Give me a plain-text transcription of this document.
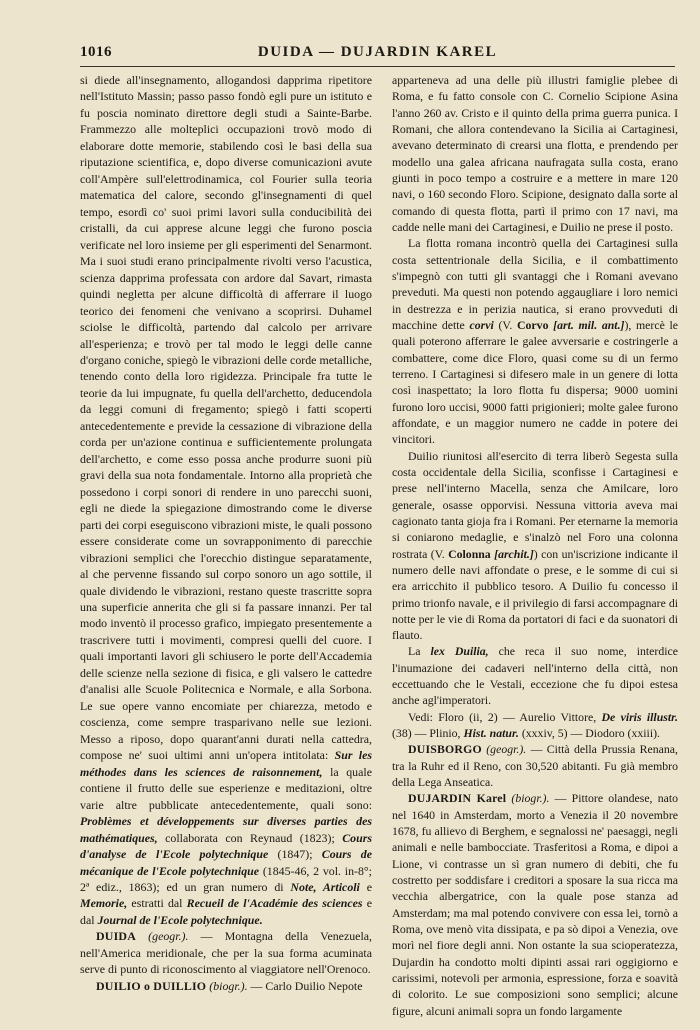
1016	DUIDA — DUJARDIN KAREL

si diede all'insegnamento, allogandosi dapprima ripetitore nell'Istituto Massin; passo passo fondò egli pure un istituto e fu poscia nominato direttore degli studi a Sainte-Barbe. Frammezzo alle molteplici occupazioni trovò modo di elaborare dotte memorie, stabilendo così le basi della sua riputazione scientifica, e, dopo diverse comunicazioni avute coll'Ampère sull'elettrodinamica, col Fourier sulla teoria matematica del calore, secondo gl'insegnamenti di quel tempo, esordì co' suoi primi lavori sulla conducibilità dei cristalli, da cui apprese alcune leggi che furono poscia verificate nel loro insieme per gli esperimenti del Senarmont. Ma i suoi studi erano principalmente rivolti verso l'acustica, scienza dapprima professata con ardore dal Savart, rimasta quindi negletta per alcune difficoltà di afferrare il luogo teorico dei fenomeni che venivano a scoprirsi. Duhamel sciolse le difficoltà, partendo dal calcolo per arrivare all'esperienza; e trovò per tal modo le leggi delle canne d'organo coniche, spiegò le vibrazioni delle corde metalliche, tenendo conto della loro rigidezza. Principale fra tutte le teorie da lui impugnate, fu quella dell'archetto, deducendola da leggi comuni di fregamento; spiegò i fatti scoperti antecedentemente e previde la cessazione di vibrazione della corda per un'azione continua e sufficientemente prolungata dell'archetto, e come esso possa anche produrre suoni più gravi della sua nota fondamentale. Intorno alla proprietà che possedono i corpi sonori di rendere in uno parecchi suoni, egli ne diede la spiegazione dimostrando come le diverse parti dei corpi eseguiscono vibrazioni miste, le quali possono essere considerate come un sovrapponimento di parecchie vibrazioni semplici che l'orecchio distingue separatamente, al che pervenne fissando sul corpo sonoro un ago sottile, il quale dividendo le vibrazioni, restano queste trascritte sopra una superficie annerita che gli si fa passare innanzi. Per tal modo inventò il processo grafico, impiegato presentemente a trascrivere tutti i movimenti, compresi quelli del cuore. I quali importanti lavori gli schiusero le porte dell'Accademia delle scienze nella sezione di fisica, e gli valsero le cattedre d'analisi alle Scuole Politecnica e Normale, e alla Sorbona. Le sue opere vanno encomiate per chiarezza, metodo e coscienza, come sempre trasparivano nelle sue lezioni. Messo a riposo, dopo quarant'anni durati nella cattedra, compose ne' suoi ultimi anni un'opera intitolata: Sur les méthodes dans les sciences de raisonnement, la quale contiene il frutto delle sue esperienze e meditazioni, oltre varie altre pubblicate antecedentemente, quali sono: Problèmes et développements sur diverses parties des mathématiques, collaborata con Reynaud (1823); Cours d'analyse de l'Ecole polytechnique (1847); Cours de mécanique de l'Ecole polytechnique (1845-46, 2 vol. in-8°; 2ª ediz., 1863); ed un gran numero di Note, Articoli e Memorie, estratti dal Recueil de l'Académie des sciences e dal Journal de l'Ecole polytechnique.

DUIDA (geogr.). — Montagna della Venezuela, nell'America meridionale, che per la sua forma acuminata serve di punto di riconoscimento al viaggiatore nell'Orenoco.

DUILIO o DUILLIO (biogr.). — Carlo Duilio Nepote

apparteneva ad una delle più illustri famiglie plebee di Roma, e fu fatto console con C. Cornelio Scipione Asina l'anno 260 av. Cristo e il quinto della prima guerra punica. I Romani, che allora contendevano la Sicilia ai Cartaginesi, avevano determinato di crearsi una flotta, e prendendo per modello una galea africana naufragata sulla costa, erano giunti in poco tempo a costruire e a mettere in mare 120 navi, o 160 secondo Floro. Scipione, designato dalla sorte al comando di questa flotta, partì il primo con 17 navi, ma cadde nelle mani dei Cartaginesi, e Duilio ne prese il posto.

La flotta romana incontrò quella dei Cartaginesi sulla costa settentrionale della Sicilia, e il combattimento s'impegnò con tutti gli svantaggi che i Romani avevano preveduti. Ma questi non potendo aggaugliare i loro nemici in destrezza e in perizia nautica, si erano provveduti di macchine dette corvi (V. Corvo [art. mil. ant.]), mercè le quali poterono afferrare le galee avversarie e costringerle a combattere, come dice Floro, quasi come su di un fermo terreno. I Cartaginesi si difesero male in un genere di lotta così inaspettato; la loro flotta fu dispersa; 9000 uomini furono loro uccisi, 9000 fatti prigionieri; molte galee furono affondate, e un maggior numero ne cadde in potere dei vincitori.

Duilio riunitosi all'esercito di terra liberò Segesta sulla costa occidentale della Sicilia, sconfisse i Cartaginesi e prese nell'interno Macella, senza che Amilcare, loro generale, osasse opporvisi. Nessuna vittoria aveva mai cagionato tanta gioja fra i Romani. Per eternarne la memoria si coniarono medaglie, e s'inalzò nel Foro una colonna rostrata (V. Colonna [archit.]) con un'iscrizione indicante il numero delle navi affondate o prese, e le somme di cui si era arricchito il pubblico tesoro. A Duilio fu concesso il primo trionfo navale, e il privilegio di farsi accompagnare di notte per le vie di Roma da portatori di faci e da suonatori di flauto.

La lex Duilia, che reca il suo nome, interdice l'inumazione dei cadaveri nell'interno della città, non eccettuando che le Vestali, eccezione che fu dipoi estesa anche agl'imperatori.

Vedi: Floro (ii, 2) — Aurelio Vittore, De viris illustr. (38) — Plinio, Hist. natur. (xxxiv, 5) — Diodoro (xxiii).

DUISBORGO (geogr.). — Città della Prussia Renana, tra la Ruhr ed il Reno, con 30,520 abitanti. Fu già membro della Lega Anseatica.

DUJARDIN Karel (biogr.). — Pittore olandese, nato nel 1640 in Amsterdam, morto a Venezia il 20 novembre 1678, fu allievo di Berghem, e segnalossi ne' paesaggi, negli animali e nelle bambocciate. Trasferitosi a Roma, e dipoi a Lione, vi contrasse un sì gran numero di debiti, che fu costretto per soddisfare i creditori a sposare la sua ricca ma vecchia albergatrice, con la quale pose stanza ad Amsterdam; ma mal potendo convivere con essa lei, tornò a Roma, ove menò vita dissipata, e pa sò dipoi a Venezia, ove morì nel fiore degli anni. Non ostante la sua scioperatezza, Dujardin ha condotto molti dipinti assai rari oggigiorno e carissimi, notevoli per armonia, espressione, forza e soavità di colorito. Le sue composizioni sono semplici; alcune figure, alcuni animali sopra un fondo largamente
